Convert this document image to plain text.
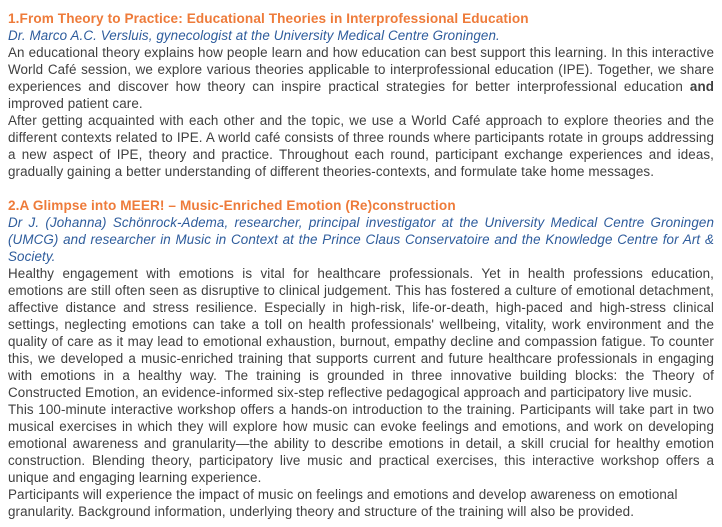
1.From Theory to Practice: Educational Theories in Interprofessional Education

Dr. Marco A.C. Versluis, gynecologist at the University Medical Centre Groningen.

An educational theory explains how people learn and how education can best support this learning. In this interactive World Café session, we explore various theories applicable to interprofessional education (IPE). Together, we share experiences and discover how theory can inspire practical strategies for better interprofessional education and improved patient care.

After getting acquainted with each other and the topic, we use a World Café approach to explore theories and the different contexts related to IPE. A world café consists of three rounds where participants rotate in groups addressing a new aspect of IPE, theory and practice. Throughout each round, participant exchange experiences and ideas, gradually gaining a better understanding of different theories-contexts, and formulate take home messages.

2.A Glimpse into MEER! – Music-Enriched Emotion (Re)construction

Dr J. (Johanna) Schönrock-Adema, researcher, principal investigator at the University Medical Centre Groningen (UMCG) and researcher in Music in Context at the Prince Claus Conservatoire and the Knowledge Centre for Art & Society.

Healthy engagement with emotions is vital for healthcare professionals. Yet in health professions education, emotions are still often seen as disruptive to clinical judgement. This has fostered a culture of emotional detachment, affective distance and stress resilience. Especially in high-risk, life-or-death, high-paced and high-stress clinical settings, neglecting emotions can take a toll on health professionals' wellbeing, vitality, work environment and the quality of care as it may lead to emotional exhaustion, burnout, empathy decline and compassion fatigue. To counter this, we developed a music-enriched training that supports current and future healthcare professionals in engaging with emotions in a healthy way. The training is grounded in three innovative building blocks: the Theory of Constructed Emotion, an evidence-informed six-step reflective pedagogical approach and participatory live music.

This 100-minute interactive workshop offers a hands-on introduction to the training. Participants will take part in two musical exercises in which they will explore how music can evoke feelings and emotions, and work on developing emotional awareness and granularity—the ability to describe emotions in detail, a skill crucial for healthy emotion construction. Blending theory, participatory live music and practical exercises, this interactive workshop offers a unique and engaging learning experience.

Participants will experience the impact of music on feelings and emotions and develop awareness on emotional granularity. Background information, underlying theory and structure of the training will also be provided.
